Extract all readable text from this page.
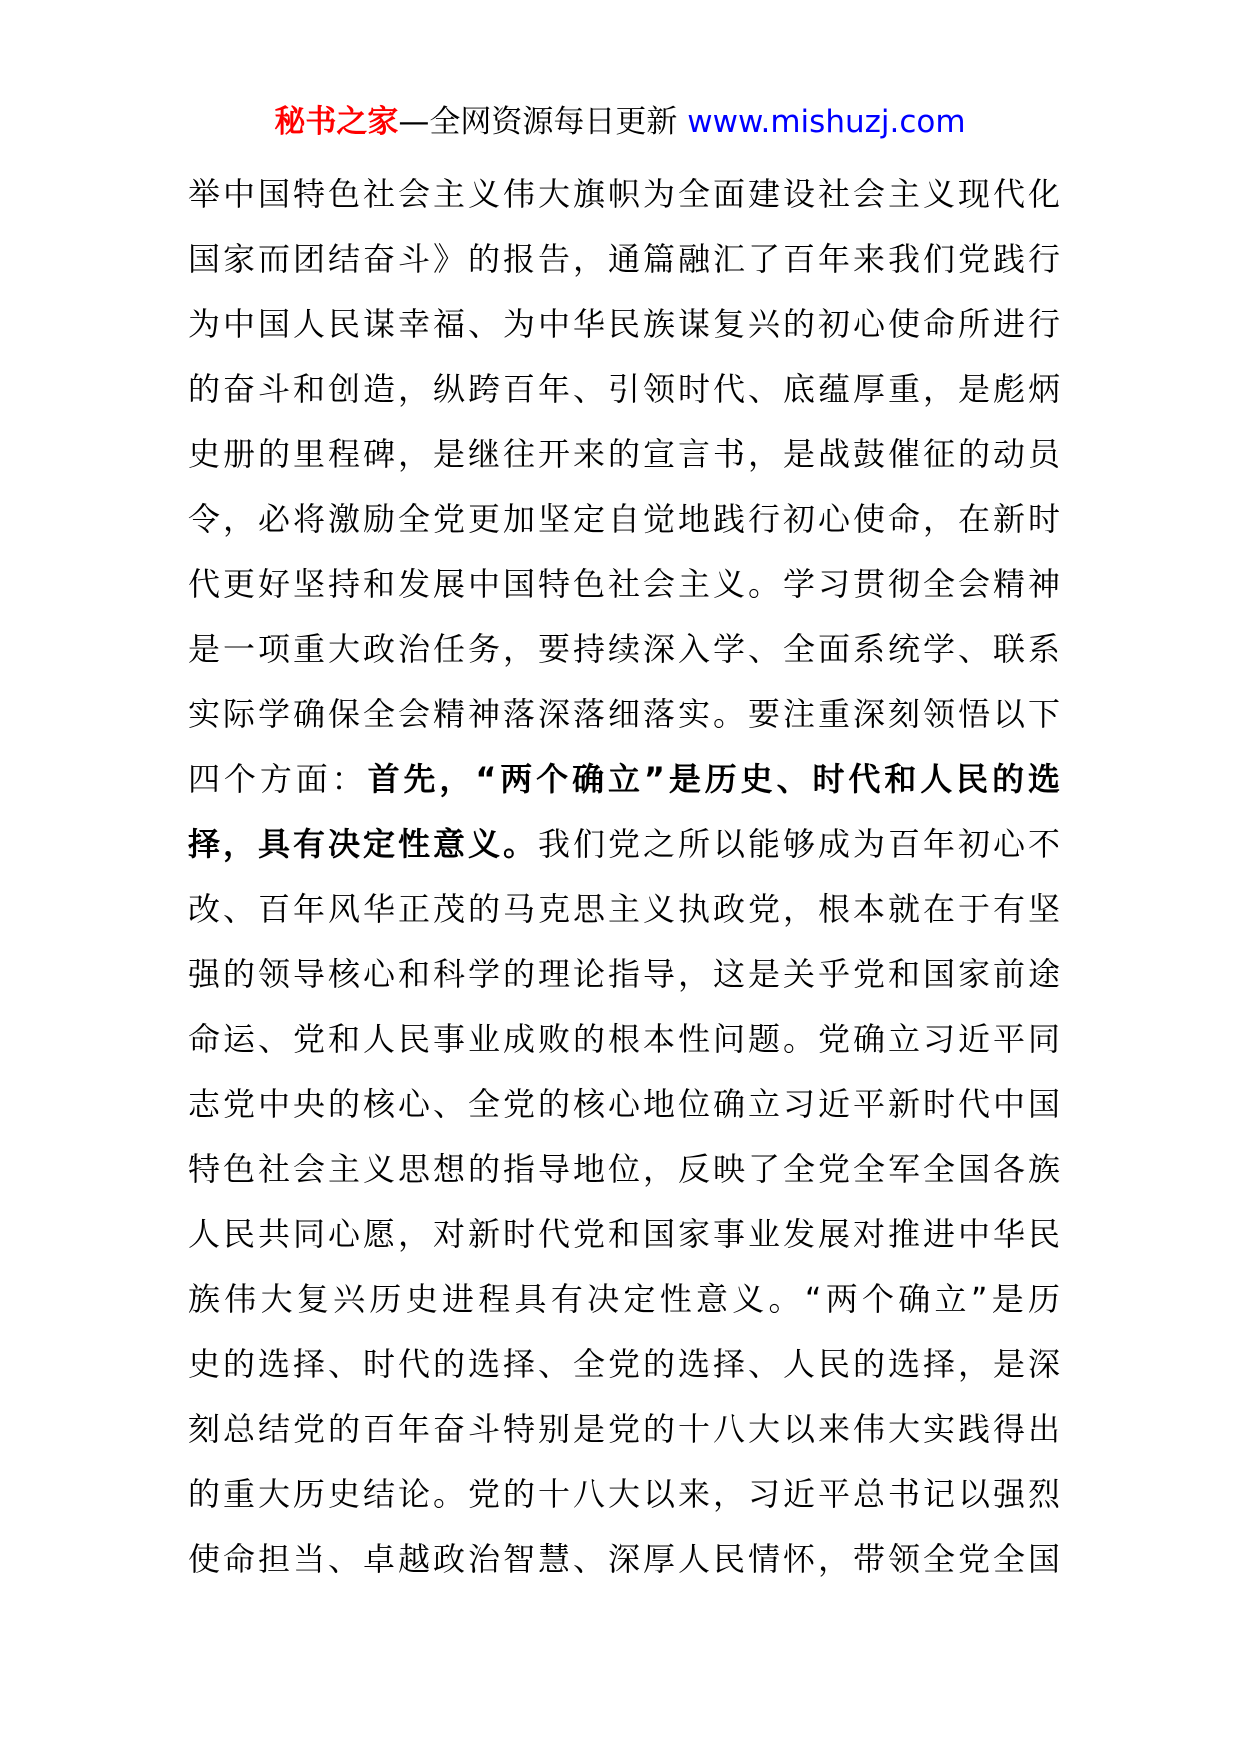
秘书之家—全网资源每日更新 www.mishuzj.com
举中国特色社会主义伟大旗帜为全面建设社会主义现代化
国家而团结奋斗》的报告，通篇融汇了百年来我们党践行
为中国人民谋幸福、为中华民族谋复兴的初心使命所进行
的奋斗和创造，纵跨百年、引领时代、底蕴厚重，是彪炳
史册的里程碑，是继往开来的宣言书，是战鼓催征的动员
令，必将激励全党更加坚定自觉地践行初心使命，在新时
代更好坚持和发展中国特色社会主义。学习贯彻全会精神
是一项重大政治任务，要持续深入学、全面系统学、联系
实际学确保全会精神落深落细落实。要注重深刻领悟以下
四个方面：首先，“两个确立”是历史、时代和人民的选
择，具有决定性意义。我们党之所以能够成为百年初心不
改、百年风华正茂的马克思主义执政党，根本就在于有坚
强的领导核心和科学的理论指导，这是关乎党和国家前途
命运、党和人民事业成败的根本性问题。党确立习近平同
志党中央的核心、全党的核心地位确立习近平新时代中国
特色社会主义思想的指导地位，反映了全党全军全国各族
人民共同心愿，对新时代党和国家事业发展对推进中华民
族伟大复兴历史进程具有决定性意义。“两个确立”是历
史的选择、时代的选择、全党的选择、人民的选择，是深
刻总结党的百年奋斗特别是党的十八大以来伟大实践得出
的重大历史结论。党的十八大以来，习近平总书记以强烈
使命担当、卓越政治智慧、深厚人民情怀，带领全党全国
